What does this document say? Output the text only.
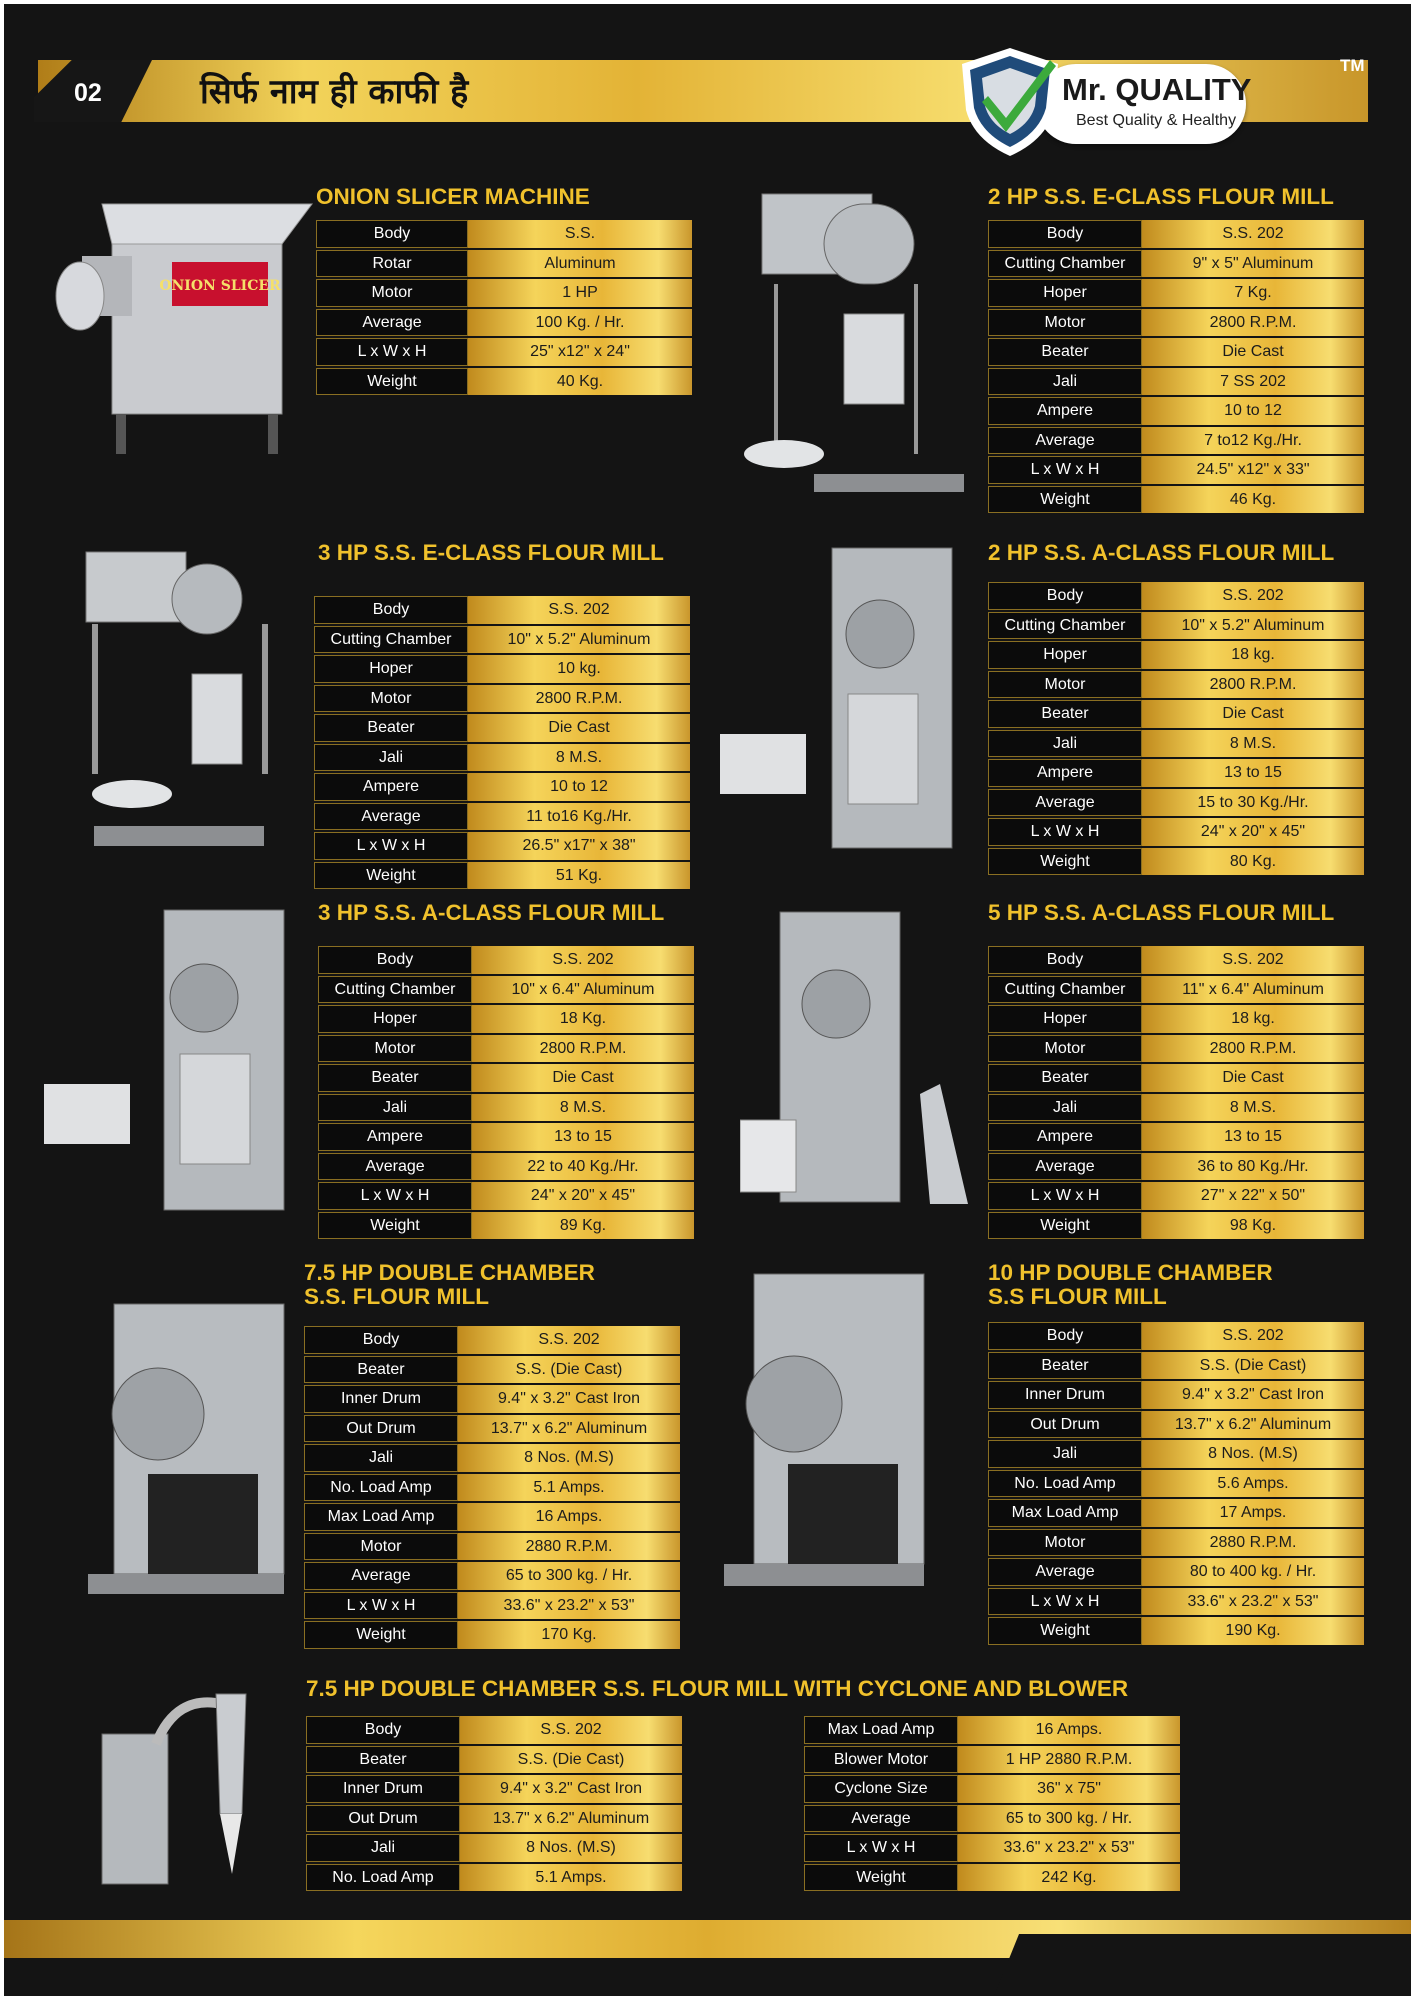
02	सिर्फ नाम ही काफी है	Mr. QUALITY
Best Quality & Healthy
TM
ONION SLICER MACHINE
Body	S.S.
Rotar	Aluminum
Motor	1 HP
Average	100 Kg. / Hr.
L x W x H	25" x12" x 24"
Weight	40 Kg.
ONION SLICER
2 HP S.S. E-CLASS FLOUR MILL
Body	S.S. 202
Cutting Chamber	9" x 5" Aluminum
Hoper	7 Kg.
Motor	2800 R.P.M.
Beater	Die Cast
Jali	7 SS 202
Ampere	10 to 12
Average	7 to12 Kg./Hr.
L x W x H	24.5" x12" x 33"
Weight	46 Kg.
3 HP S.S. E-CLASS FLOUR MILL
Body	S.S. 202
Cutting Chamber	10" x 5.2" Aluminum
Hoper	10 kg.
Motor	2800 R.P.M.
Beater	Die Cast
Jali	8 M.S.
Ampere	10 to 12
Average	11 to16 Kg./Hr.
L x W x H	26.5" x17" x 38"
Weight	51 Kg.
2 HP S.S. A-CLASS FLOUR MILL
Body	S.S. 202
Cutting Chamber	10" x 5.2" Aluminum
Hoper	18 kg.
Motor	2800 R.P.M.
Beater	Die Cast
Jali	8 M.S.
Ampere	13 to 15
Average	15 to 30 Kg./Hr.
L x W x H	24" x 20" x 45"
Weight	80 Kg.
3 HP S.S. A-CLASS FLOUR MILL
Body	S.S. 202
Cutting Chamber	10" x 6.4" Aluminum
Hoper	18 Kg.
Motor	2800 R.P.M.
Beater	Die Cast
Jali	8 M.S.
Ampere	13 to 15
Average	22 to 40 Kg./Hr.
L x W x H	24" x 20" x 45"
Weight	89 Kg.
5 HP S.S. A-CLASS FLOUR MILL
Body	S.S. 202
Cutting Chamber	11" x 6.4" Aluminum
Hoper	18 kg.
Motor	2800 R.P.M.
Beater	Die Cast
Jali	8 M.S.
Ampere	13 to 15
Average	36 to 80 Kg./Hr.
L x W x H	27" x 22" x 50"
Weight	98 Kg.
7.5 HP DOUBLE CHAMBER
S.S. FLOUR MILL
Body	S.S. 202
Beater	S.S. (Die Cast)
Inner Drum	9.4" x 3.2" Cast Iron
Out Drum	13.7" x 6.2" Aluminum
Jali	8 Nos. (M.S)
No. Load Amp	5.1 Amps.
Max Load Amp	16 Amps.
Motor	2880 R.P.M.
Average	65 to 300 kg. / Hr.
L x W x H	33.6" x 23.2" x 53"
Weight	170 Kg.
10 HP DOUBLE CHAMBER
S.S FLOUR MILL
Body	S.S. 202
Beater	S.S. (Die Cast)
Inner Drum	9.4" x 3.2" Cast Iron
Out Drum	13.7" x 6.2" Aluminum
Jali	8 Nos. (M.S)
No. Load Amp	5.6 Amps.
Max Load Amp	17 Amps.
Motor	2880 R.P.M.
Average	80 to 400 kg. / Hr.
L x W x H	33.6" x 23.2" x 53"
Weight	190 Kg.
7.5 HP DOUBLE CHAMBER S.S. FLOUR MILL WITH CYCLONE AND BLOWER
Body	S.S. 202
Beater	S.S. (Die Cast)
Inner Drum	9.4" x 3.2" Cast Iron
Out Drum	13.7" x 6.2" Aluminum
Jali	8 Nos. (M.S)
No. Load Amp	5.1 Amps.
Max Load Amp	16 Amps.
Blower Motor	1 HP 2880 R.P.M.
Cyclone Size	36" x 75"
Average	65 to 300 kg. / Hr.
L x W x H	33.6" x 23.2" x 53"
Weight	242 Kg.
